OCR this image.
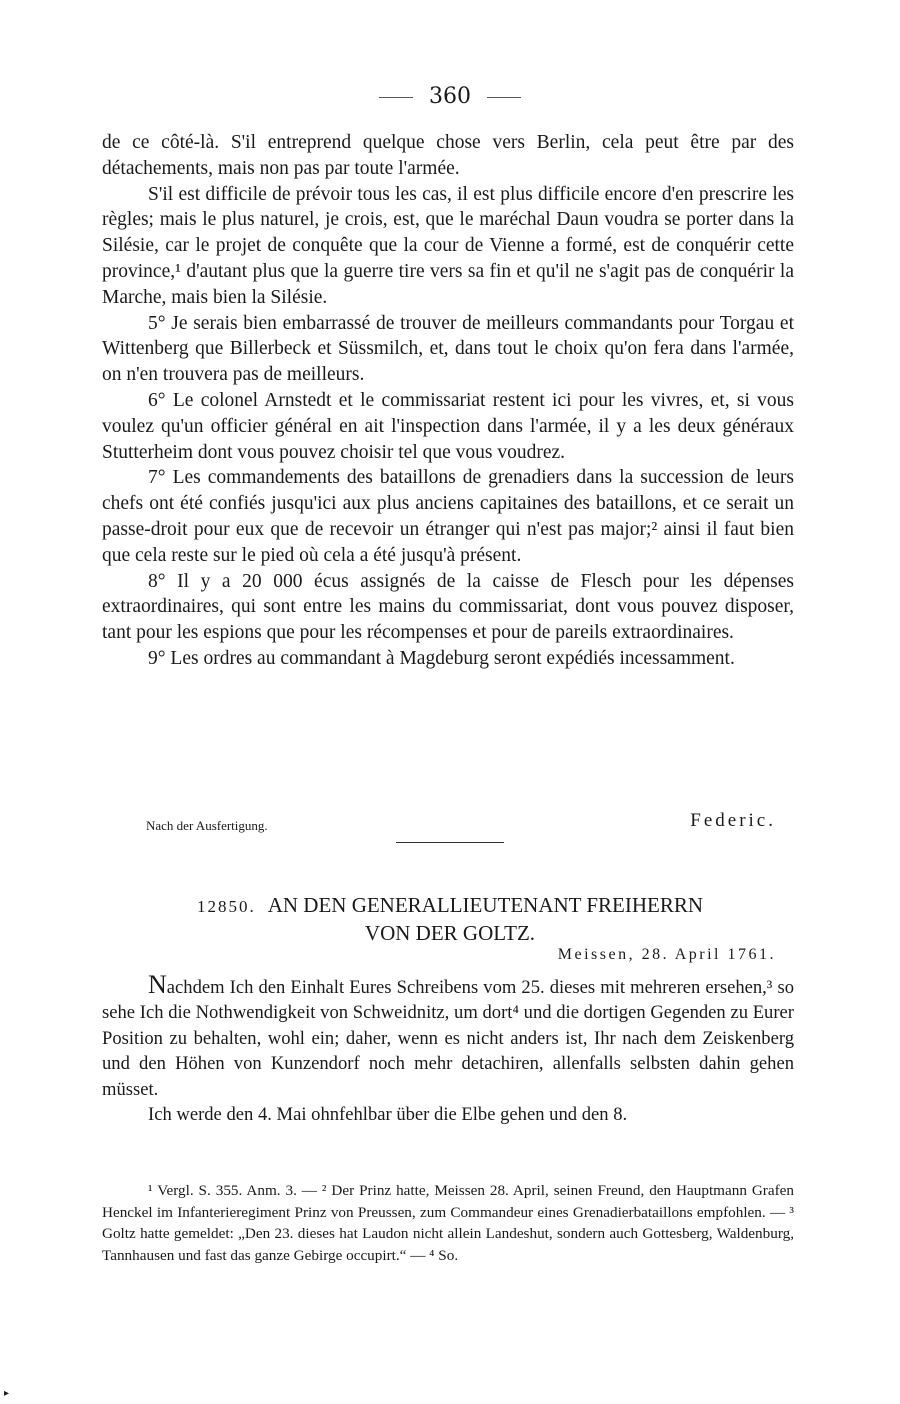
360

de ce côté-là. S'il entreprend quelque chose vers Berlin, cela peut être par des détachements, mais non pas par toute l'armée.

S'il est difficile de prévoir tous les cas, il est plus difficile encore d'en prescrire les règles; mais le plus naturel, je crois, est, que le maréchal Daun voudra se porter dans la Silésie, car le projet de conquête que la cour de Vienne a formé, est de conquérir cette province,¹ d'autant plus que la guerre tire vers sa fin et qu'il ne s'agit pas de conquérir la Marche, mais bien la Silésie.

5° Je serais bien embarrassé de trouver de meilleurs commandants pour Torgau et Wittenberg que Billerbeck et Süssmilch, et, dans tout le choix qu'on fera dans l'armée, on n'en trouvera pas de meilleurs.

6° Le colonel Arnstedt et le commissariat restent ici pour les vivres, et, si vous voulez qu'un officier général en ait l'inspection dans l'armée, il y a les deux généraux Stutterheim dont vous pouvez choisir tel que vous voudrez.

7° Les commandements des bataillons de grenadiers dans la succession de leurs chefs ont été confiés jusqu'ici aux plus anciens capitaines des bataillons, et ce serait un passe-droit pour eux que de recevoir un étranger qui n'est pas major;² ainsi il faut bien que cela reste sur le pied où cela a été jusqu'à présent.

8° Il y a 20 000 écus assignés de la caisse de Flesch pour les dépenses extraordinaires, qui sont entre les mains du commissariat, dont vous pouvez disposer, tant pour les espions que pour les récompenses et pour de pareils extraordinaires.

9° Les ordres au commandant à Magdeburg seront expédiés incessamment.

Nach der Ausfertigung.	Federic.
12850. AN DEN GENERALLIEUTENANT FREIHERRN
VON DER GOLTZ.
Meissen, 28. April 1761.

Nachdem Ich den Einhalt Eures Schreibens vom 25. dieses mit mehreren ersehen,³ so sehe Ich die Nothwendigkeit von Schweidnitz, um dort⁴ und die dortigen Gegenden zu Eurer Position zu behalten, wohl ein; daher, wenn es nicht anders ist, Ihr nach dem Zeiskenberg und den Höhen von Kunzendorf noch mehr detachiren, allenfalls selbsten dahin gehen müsset.

Ich werde den 4. Mai ohnfehlbar über die Elbe gehen und den 8.

¹ Vergl. S. 355. Anm. 3. — ² Der Prinz hatte, Meissen 28. April, seinen Freund, den Hauptmann Grafen Henckel im Infanterieregiment Prinz von Preussen, zum Commandeur eines Grenadierbataillons empfohlen. — ³ Goltz hatte gemeldet: „Den 23. dieses hat Laudon nicht allein Landeshut, sondern auch Gottesberg, Waldenburg, Tannhausen und fast das ganze Gebirge occupirt.“ — ⁴ So.
▸
